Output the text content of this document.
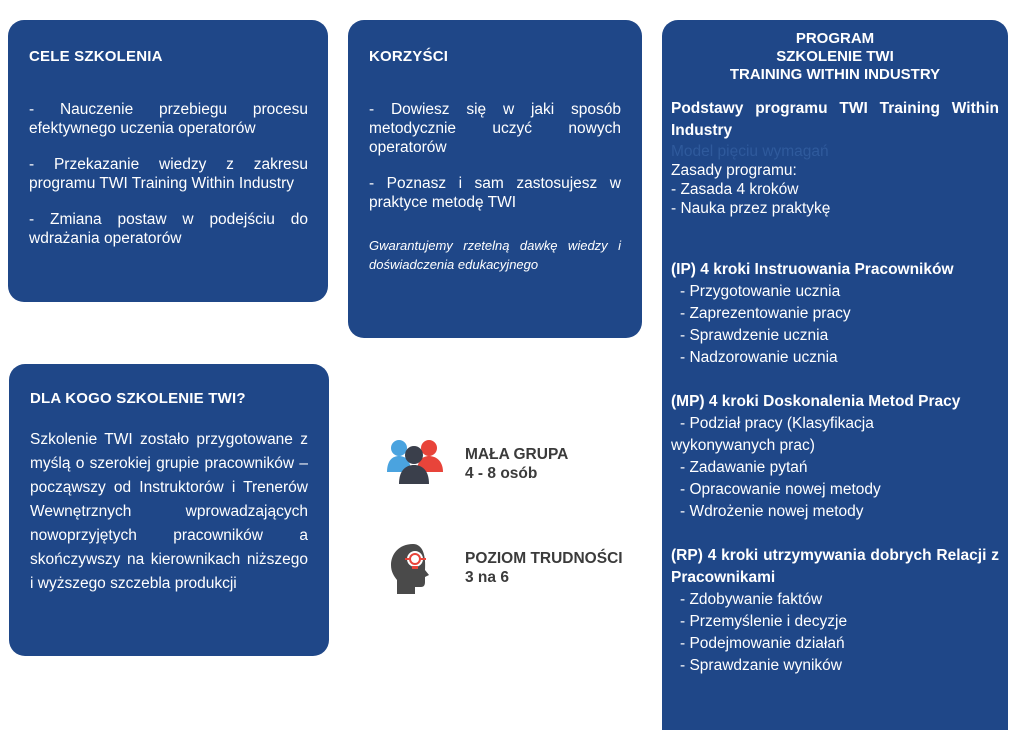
CELE SZKOLENIA
- Nauczenie przebiegu procesu efektywnego uczenia operatorów
- Przekazanie wiedzy z zakresu programu TWI Training Within Industry
- Zmiana postaw w podejściu do wdrażania operatorów
KORZYŚCI
- Dowiesz się w jaki sposób metodycznie uczyć nowych operatorów
- Poznasz i sam zastosujesz w praktyce metodę TWI
Gwarantujemy rzetelną dawkę wiedzy i doświadczenia edukacyjnego
DLA KOGO SZKOLENIE TWI?
Szkolenie TWI zostało przygotowane z myślą o szerokiej grupie pracowników – począwszy od Instruktorów i Trenerów Wewnętrznych wprowadzających nowoprzyjętych pracowników a skończywszy na kierownikach niższego i wyższego szczebla produkcji
MAŁA GRUPA
4 - 8 osób
POZIOM TRUDNOŚCI
3 na 6
PROGRAM
SZKOLENIE TWI
TRAINING WITHIN INDUSTRY
Podstawy programu TWI Training Within Industry
Model pięciu wymagań
Zasady programu:
- Zasada 4 kroków
- Nauka przez praktykę
(IP) 4 kroki Instruowania Pracowników
- Przygotowanie ucznia
- Zaprezentowanie pracy
- Sprawdzenie ucznia
- Nadzorowanie ucznia
(MP) 4 kroki Doskonalenia Metod Pracy
- Podział pracy (Klasyfikacja
wykonywanych prac)
- Zadawanie pytań
- Opracowanie nowej metody
- Wdrożenie nowej metody
(RP) 4 kroki utrzymywania dobrych Relacji z Pracownikami
- Zdobywanie faktów
- Przemyślenie i decyzje
- Podejmowanie działań
- Sprawdzanie wyników
